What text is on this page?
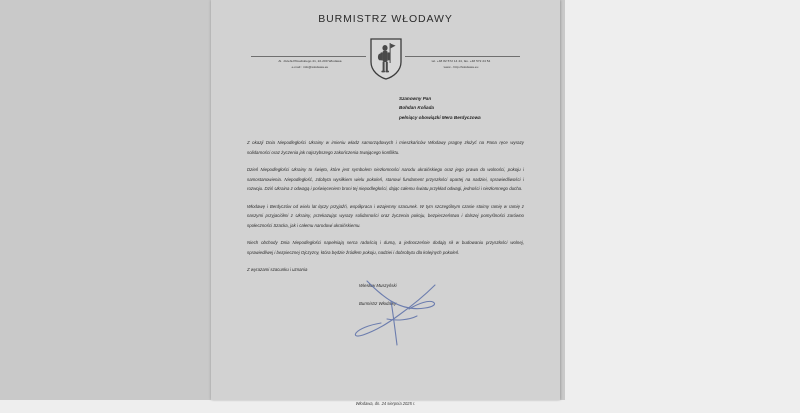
BURMISTRZ WŁODAWY
Al. Józefa Piłsudskiego 41, 22-200 Włodawa
e-mail : info@wlodawa.eu
tel. +48 82 572 14 44, fax. +48 572 24 54
www - http://wlodawa.eu
Szanowny Pan
Bohdan Koliada
pełniący obowiązki Mera Berdyczowa

Z okazji Dnia Niepodległości Ukrainy w imieniu władz samorządowych i mieszkańców Włodawy pragnę złożyć na Pana ręce wyrazy solidarności oraz życzenia jak najszybszego zakończenia trwającego konfliktu.

Dzień Niepodległości Ukrainy to święto, które jest symbolem niezłomności narodu ukraińskiego oraz jego prawa do wolności, pokoju i samostanowienia. Niepodległość, zdobyta wysiłkiem wielu pokoleń, stanowi fundament przyszłości opartej na nadziei, sprawiedliwości i rozwoju. Dziś Ukraina z odwagą i poświęceniem broni tej niepodległości, dając całemu światu przykład odwagi, jedności i niezłomnego ducha.

Włodawę i Berdyczów od wielu lat łączy przyjaźń, współpraca i wzajemny szacunek. W tym szczególnym czasie stoimy ramię w ramię z naszymi przyjaciółmi z Ukrainy, przekazując wyrazy solidarności oraz życzenia pokoju, bezpieczeństwa i dalszej pomyślności zarówno społeczności Szacka, jak i całemu narodowi ukraińskiemu.

Niech obchody Dnia Niepodległości napełniają serca radością i dumą, a jednocześnie dodają sił w budowaniu przyszłości wolnej, sprawiedliwej i bezpiecznej Ojczyzny, która będzie źródłem pokoju, nadziei i dobrobytu dla kolejnych pokoleń.

Z wyrazami szacunku i uznania
Wiesław Muszyński
Burmistrz Włodawy
Włodawa, dn. 24 sierpnia 2025 r.
